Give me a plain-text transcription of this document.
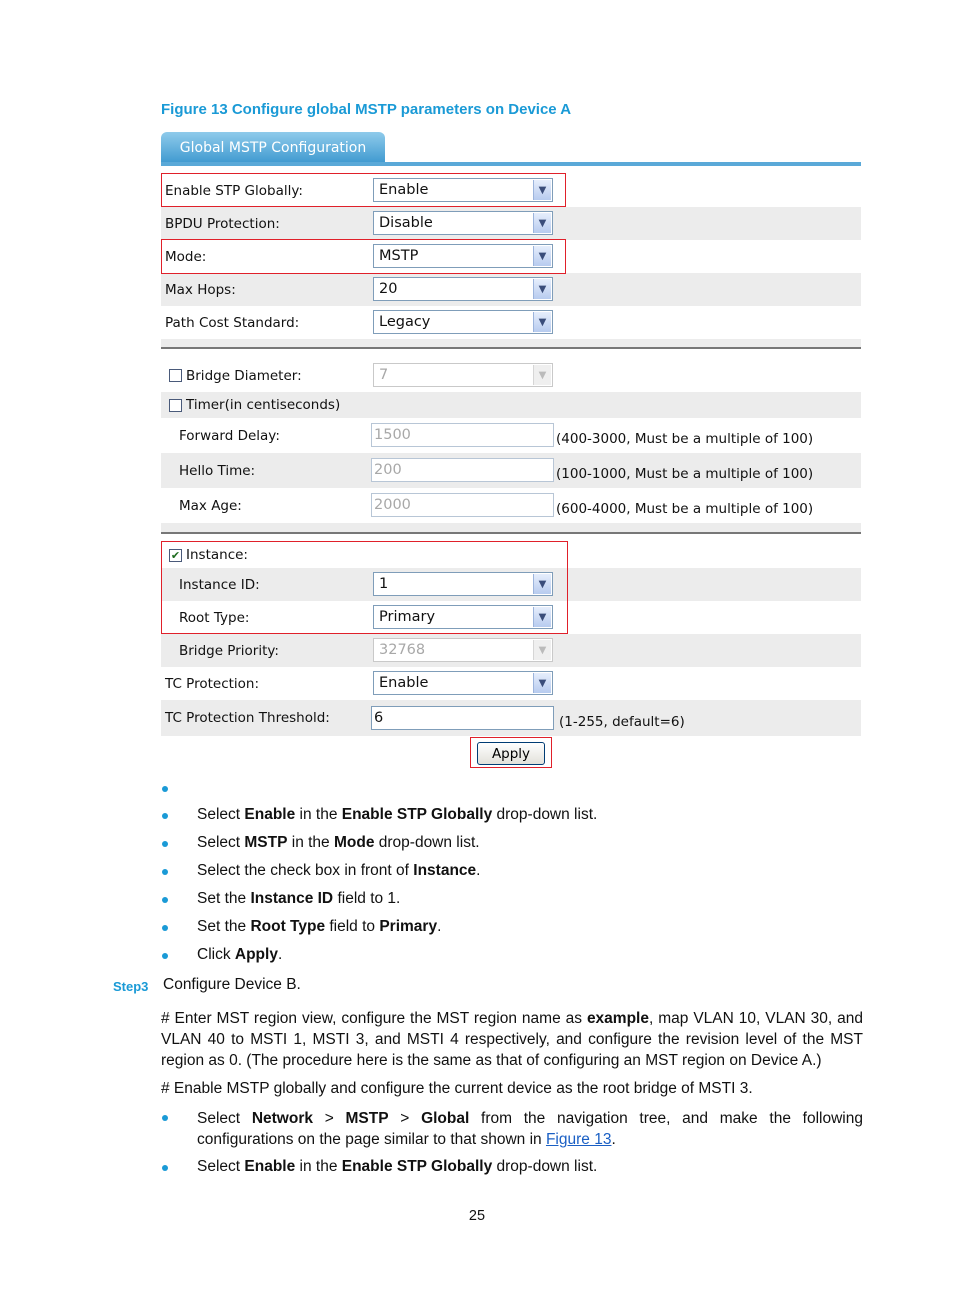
Figure 13 Configure global MSTP parameters on Device A
Global MSTP Configuration
Enable STP Globally:	Enable	▼
BPDU Protection:	Disable	▼
Mode:	MSTP	▼
Max Hops:	20	▼
Path Cost Standard:	Legacy	▼
Bridge Diameter:	7	▼
Timer(in centiseconds)
Forward Delay:	1500	(400-3000, Must be a multiple of 100)
Hello Time:	200	(100-1000, Must be a multiple of 100)
Max Age:	2000	(600-4000, Must be a multiple of 100)
✔ Instance:
Instance ID:	1	▼
Root Type:	Primary	▼
Bridge Priority:	32768	▼
TC Protection:	Enable	▼
TC Protection Threshold:	6	(1-255, default=6)
Apply
Select Enable in the Enable STP Globally drop-down list.
Select MSTP in the Mode drop-down list.
Select the check box in front of Instance.
Set the Instance ID field to 1.
Set the Root Type field to Primary.
Click Apply.
Step3 Configure Device B.
# Enter MST region view, configure the MST region name as example, map VLAN 10, VLAN 30, and VLAN 40 to MSTI 1, MSTI 3, and MSTI 4 respectively, and configure the revision level of the MST region as 0. (The procedure here is the same as that of configuring an MST region on Device A.)
# Enable MSTP globally and configure the current device as the root bridge of MSTI 3.
Select Network > MSTP > Global from the navigation tree, and make the following configurations on the page similar to that shown in Figure 13.
Select Enable in the Enable STP Globally drop-down list.
25
